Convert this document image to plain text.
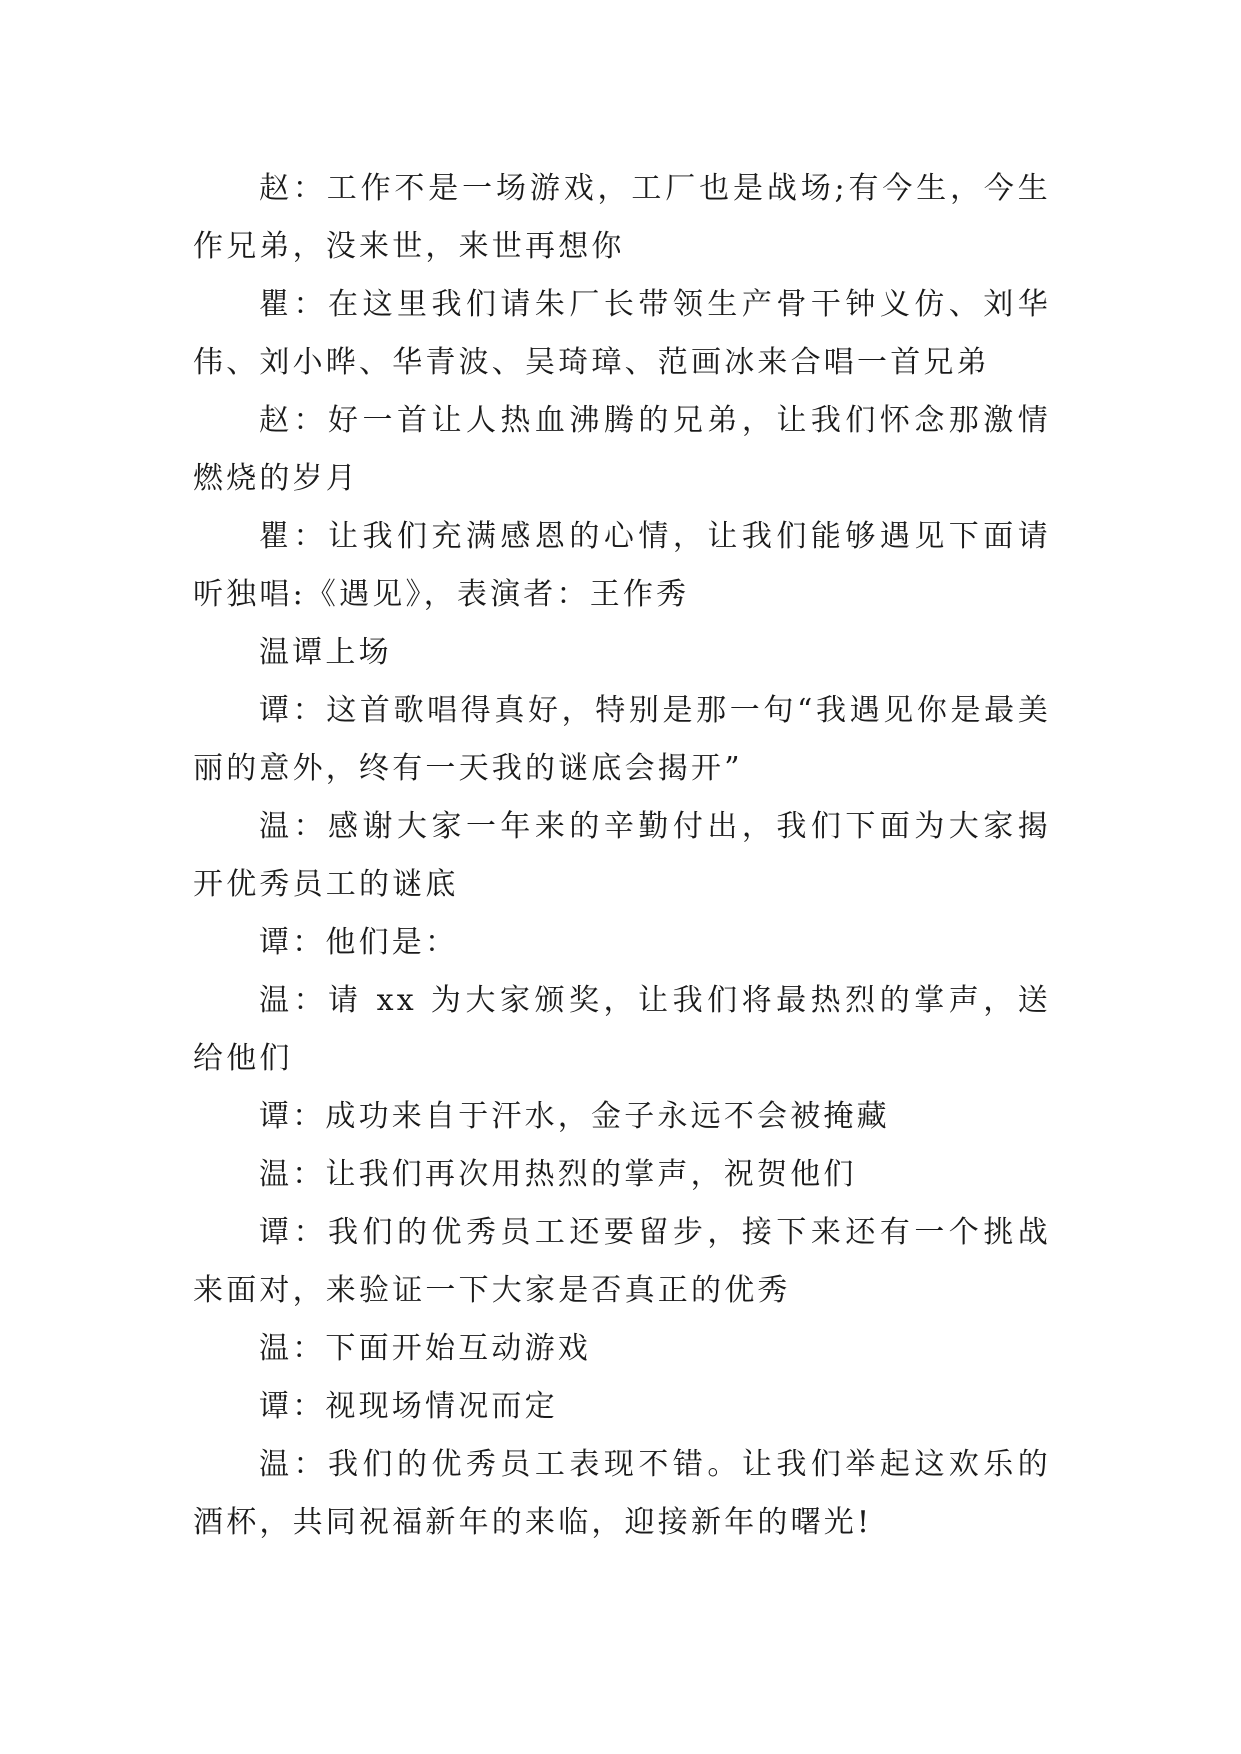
赵：工作不是一场游戏，工厂也是战场;有今生，今生作兄弟，没来世，来世再想你

瞿：在这里我们请朱厂长带领生产骨干钟义仿、刘华伟、刘小晔、华青波、吴琦璋、范画冰来合唱一首兄弟

赵：好一首让人热血沸腾的兄弟，让我们怀念那激情燃烧的岁月

瞿：让我们充满感恩的心情，让我们能够遇见下面请听独唱:《遇见》，表演者：王作秀

温谭上场

谭：这首歌唱得真好，特别是那一句“我遇见你是最美丽的意外，终有一天我的谜底会揭开”

温：感谢大家一年来的辛勤付出，我们下面为大家揭开优秀员工的谜底

谭：他们是：

温：请 xx 为大家颁奖，让我们将最热烈的掌声，送给他们

谭：成功来自于汗水，金子永远不会被掩藏

温：让我们再次用热烈的掌声，祝贺他们

谭：我们的优秀员工还要留步，接下来还有一个挑战来面对，来验证一下大家是否真正的优秀

温：下面开始互动游戏

谭：视现场情况而定

温：我们的优秀员工表现不错。让我们举起这欢乐的酒杯，共同祝福新年的来临，迎接新年的曙光!
